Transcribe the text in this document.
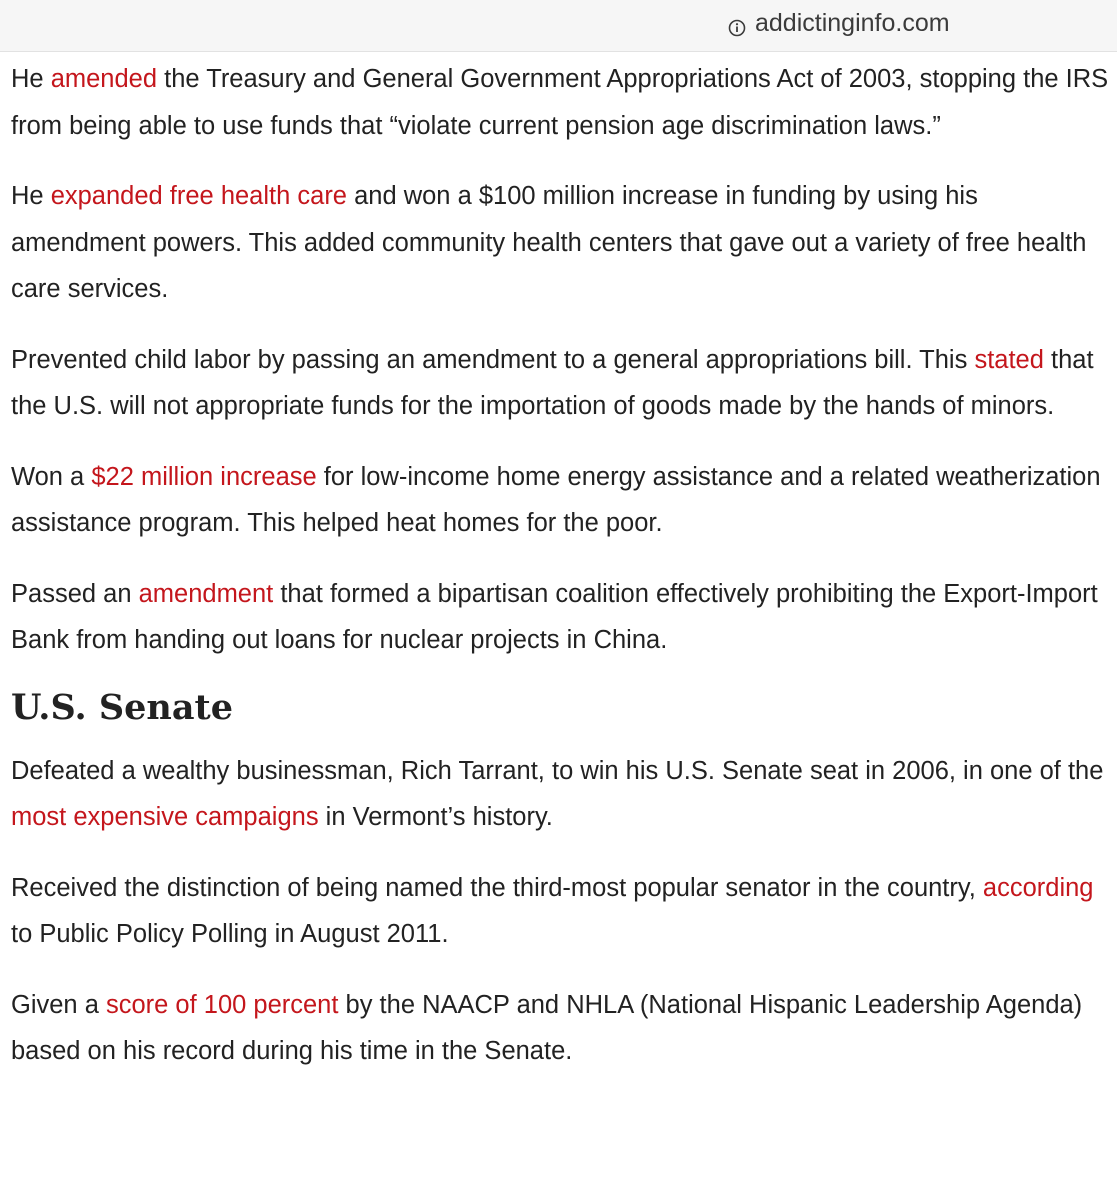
addictinginfo.com

He amended the Treasury and General Government Appropriations Act of 2003, stopping the IRS from being able to use funds that “violate current pension age discrimination laws.”

He expanded free health care and won a $100 million increase in funding by using his amendment powers. This added community health centers that gave out a variety of free health care services.

Prevented child labor by passing an amendment to a general appropriations bill. This stated that the U.S. will not appropriate funds for the importation of goods made by the hands of minors.

Won a $22 million increase for low-income home energy assistance and a related weatherization assistance program. This helped heat homes for the poor.

Passed an amendment that formed a bipartisan coalition effectively prohibiting the Export-Import Bank from handing out loans for nuclear projects in China.

U.S. Senate

Defeated a wealthy businessman, Rich Tarrant, to win his U.S. Senate seat in 2006, in one of the most expensive campaigns in Vermont’s history.

Received the distinction of being named the third-most popular senator in the country, according to Public Policy Polling in August 2011.

Given a score of 100 percent by the NAACP and NHLA (National Hispanic Leadership Agenda) based on his record during his time in the Senate.
